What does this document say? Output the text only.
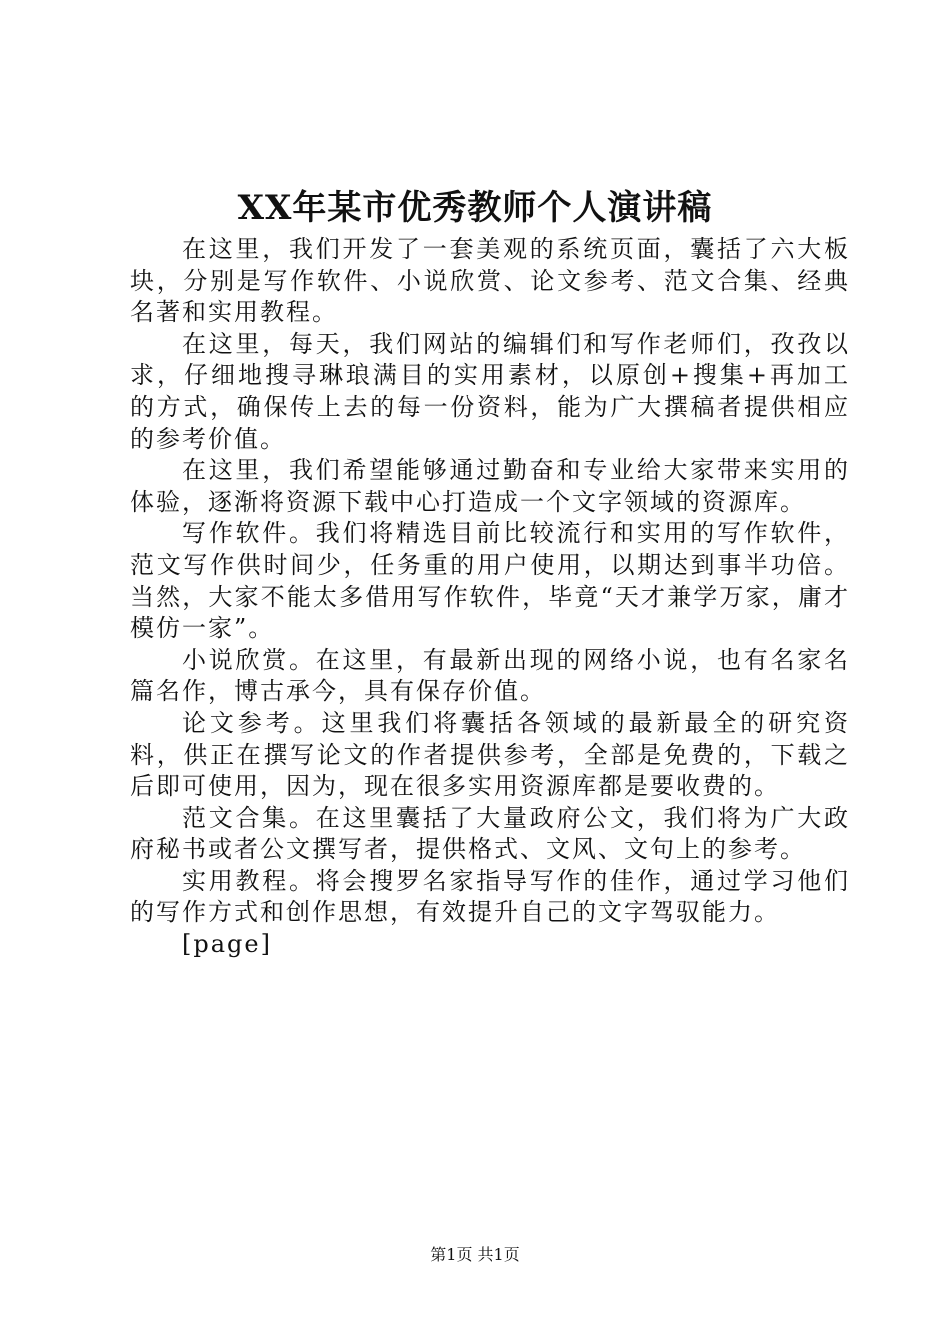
XX年某市优秀教师个人演讲稿

在这里，我们开发了一套美观的系统页面，囊括了六大板块，分别是写作软件、小说欣赏、论文参考、范文合集、经典名著和实用教程。

在这里，每天，我们网站的编辑们和写作老师们，孜孜以求，仔细地搜寻琳琅满目的实用素材，以原创+搜集+再加工的方式，确保传上去的每一份资料，能为广大撰稿者提供相应的参考价值。

在这里，我们希望能够通过勤奋和专业给大家带来实用的体验，逐渐将资源下载中心打造成一个文字领域的资源库。

写作软件。我们将精选目前比较流行和实用的写作软件，范文写作供时间少，任务重的用户使用，以期达到事半功倍。当然，大家不能太多借用写作软件，毕竟“天才兼学万家，庸才模仿一家”。

小说欣赏。在这里，有最新出现的网络小说，也有名家名篇名作，博古承今，具有保存价值。

论文参考。这里我们将囊括各领域的最新最全的研究资料，供正在撰写论文的作者提供参考，全部是免费的，下载之后即可使用，因为，现在很多实用资源库都是要收费的。

范文合集。在这里囊括了大量政府公文，我们将为广大政府秘书或者公文撰写者，提供格式、文风、文句上的参考。

实用教程。将会搜罗名家指导写作的佳作，通过学习他们的写作方式和创作思想，有效提升自己的文字驾驭能力。

[page]

第1页 共1页
